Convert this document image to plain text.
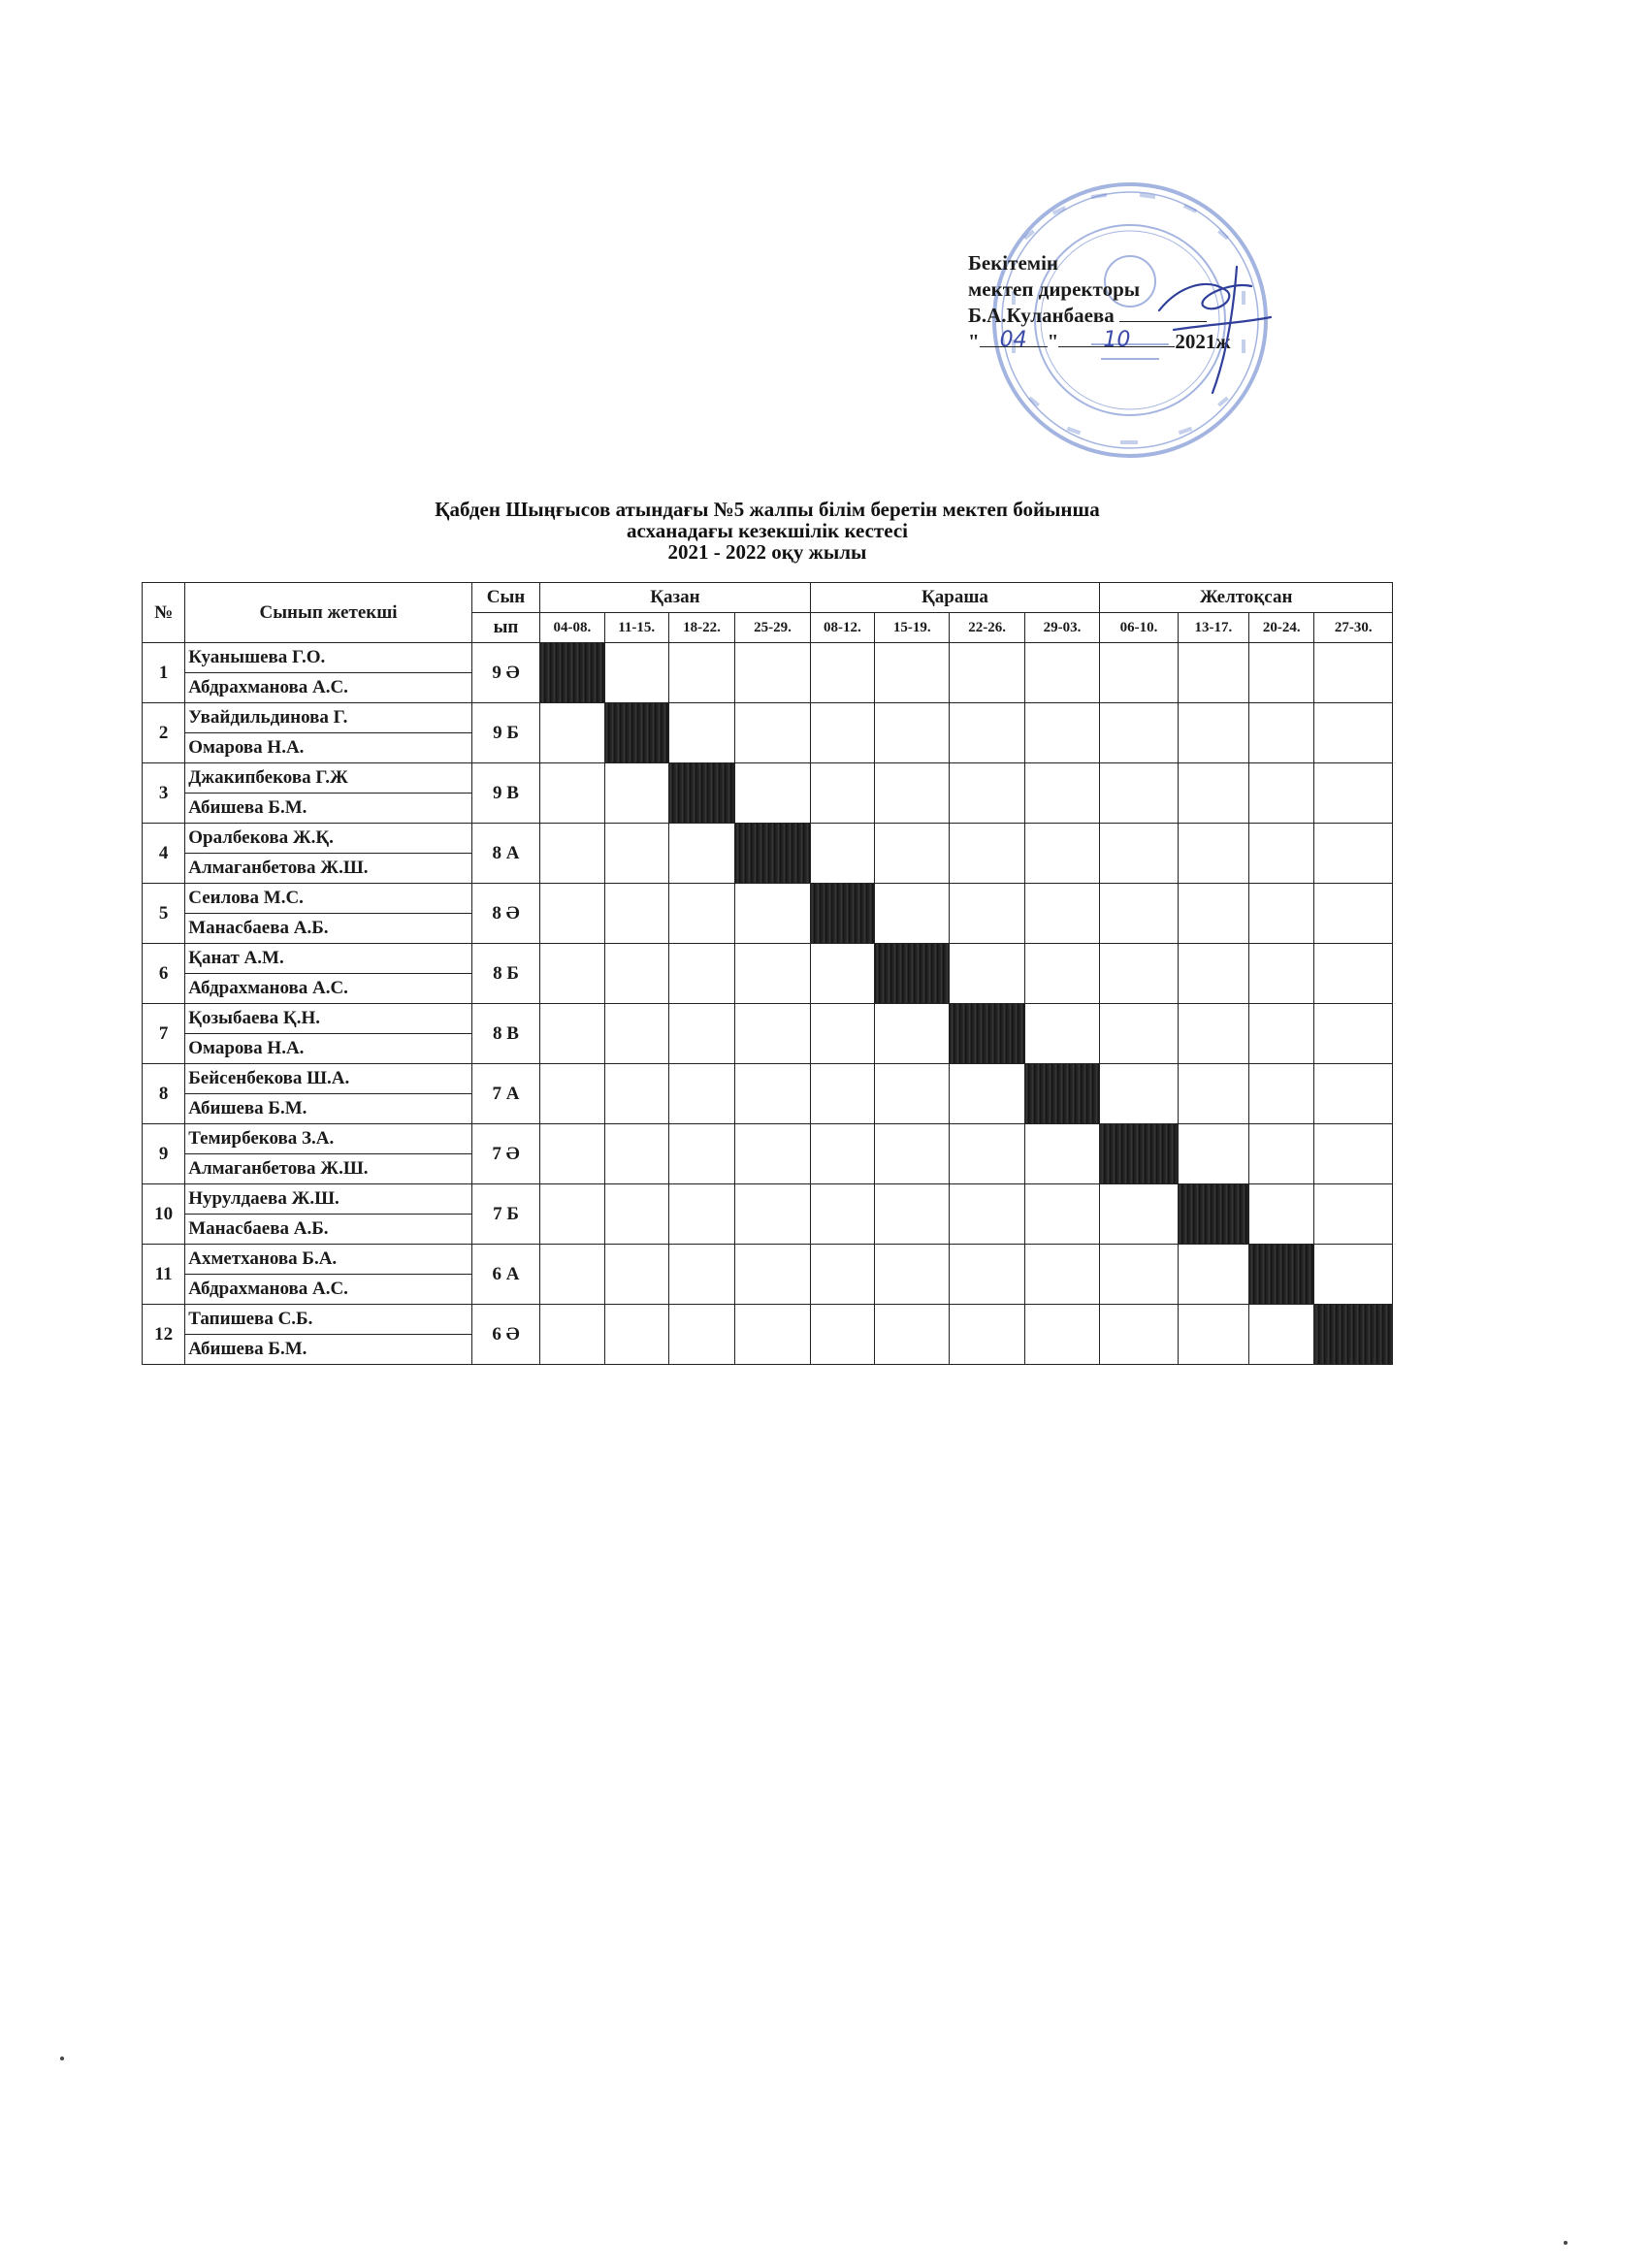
Бекітемін
мектеп директоры
Б.А.Куланбаева
" 04 " 10 2021ж
Қабден Шыңғысов атындағы №5 жалпы білім беретін мектеп бойынша
асханадағы кезекшілік кестесі
2021 - 2022 оқу жылы
№	Сынып жетекші	Сын	Қазан				Қараша				Желтоқсан			
		ып	04-08.	11-15.	18-22.	25-29.	08-12.	15-19.	22-26.	29-03.	06-10.	13-17.	20-24.	27-30.
1	Куанышева Г.О.	9 Ә												
	Абдрахманова А.С.													
2	Увайдильдинова Г.	9 Б												
	Омарова Н.А.													
3	Джакипбекова Г.Ж	9 В												
	Абишева Б.М.													
4	Оралбекова Ж.Қ.	8 А												
	Алмаганбетова Ж.Ш.													
5	Сеилова М.С.	8 Ә												
	Манасбаева А.Б.													
6	Қанат А.М.	8 Б												
	Абдрахманова А.С.													
7	Қозыбаева Қ.Н.	8 В												
	Омарова Н.А.													
8	Бейсенбекова Ш.А.	7 А												
	Абишева Б.М.													
9	Темирбекова З.А.	7 Ә												
	Алмаганбетова Ж.Ш.													
10	Нурулдаева Ж.Ш.	7 Б												
	Манасбаева А.Б.													
11	Ахметханова Б.А.	6 А												
	Абдрахманова А.С.													
12	Тапишева С.Б.	6 Ә												
	Абишева Б.М.													
